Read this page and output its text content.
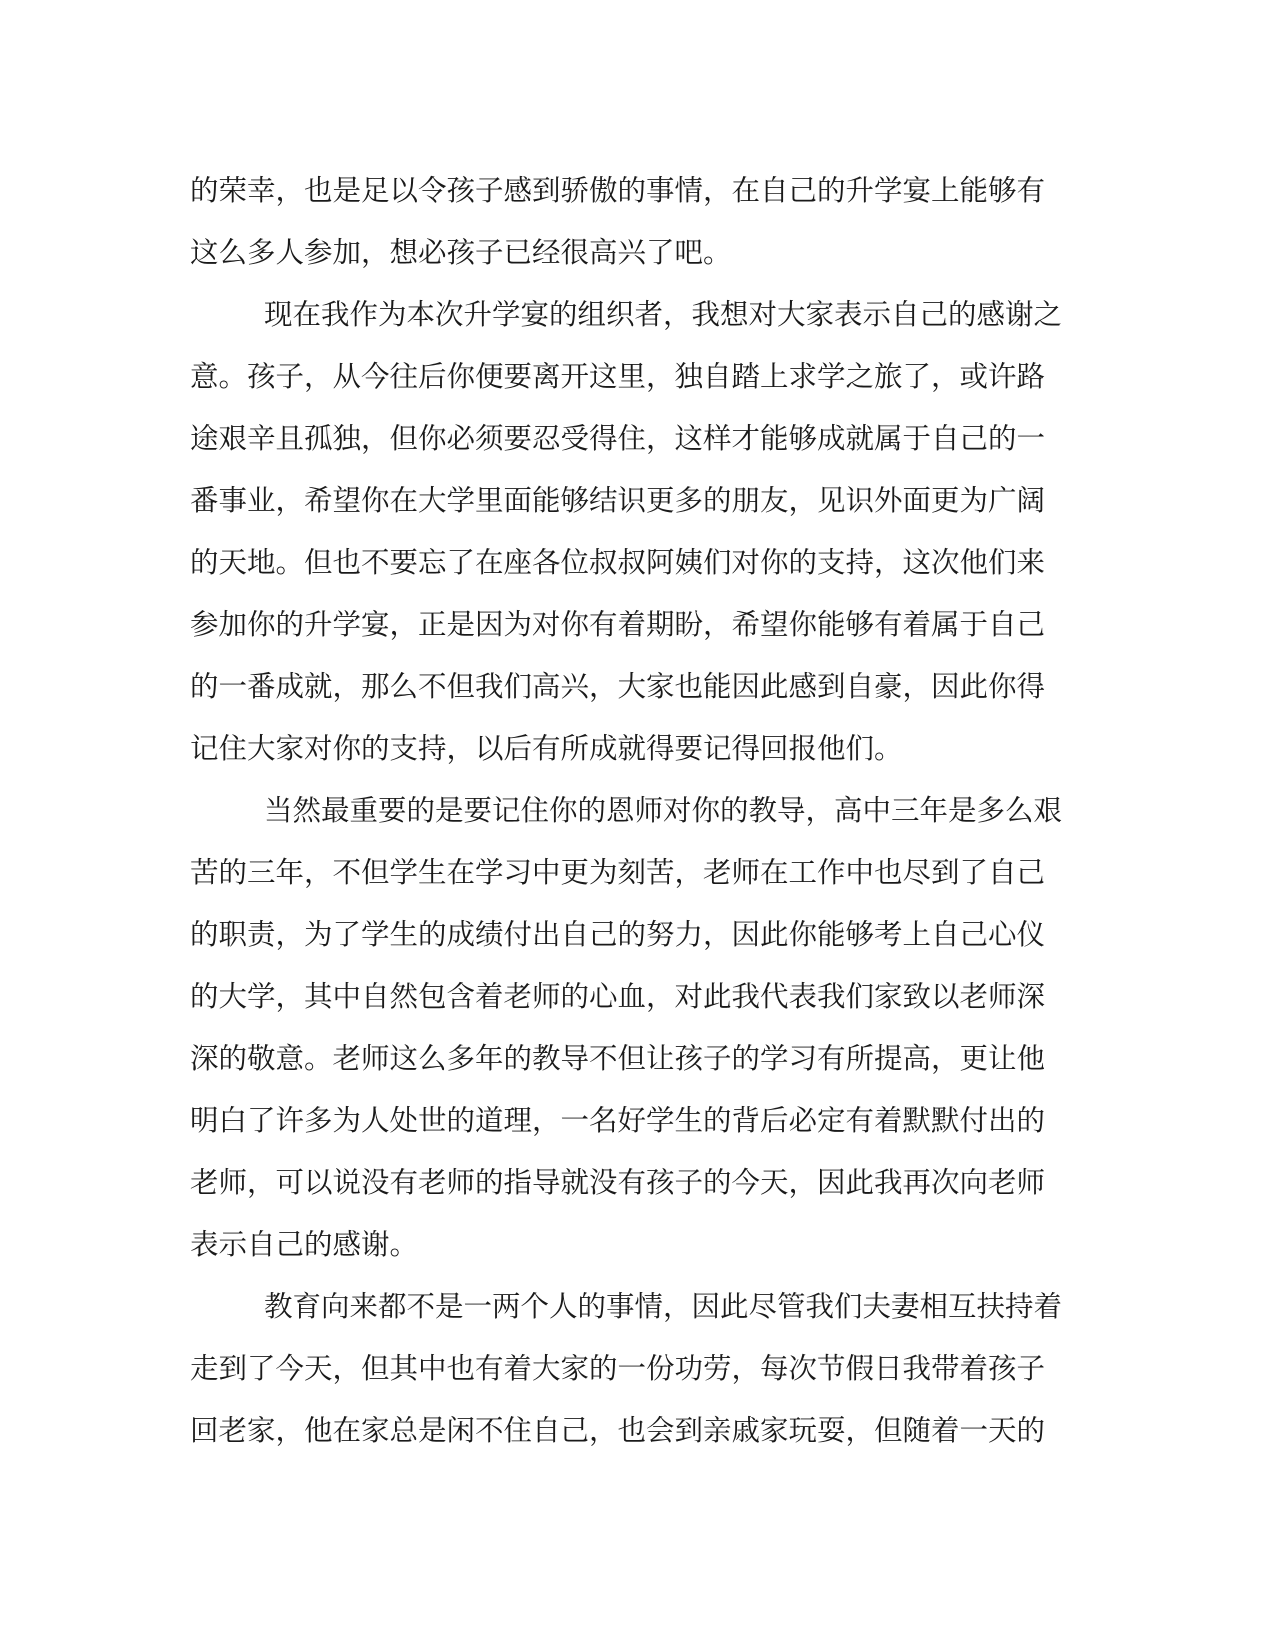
的荣幸，也是足以令孩子感到骄傲的事情，在自己的升学宴上能够有
这么多人参加，想必孩子已经很高兴了吧。
现在我作为本次升学宴的组织者，我想对大家表示自己的感谢之
意。孩子，从今往后你便要离开这里，独自踏上求学之旅了，或许路
途艰辛且孤独，但你必须要忍受得住，这样才能够成就属于自己的一
番事业，希望你在大学里面能够结识更多的朋友，见识外面更为广阔
的天地。但也不要忘了在座各位叔叔阿姨们对你的支持，这次他们来
参加你的升学宴，正是因为对你有着期盼，希望你能够有着属于自己
的一番成就，那么不但我们高兴，大家也能因此感到自豪，因此你得
记住大家对你的支持，以后有所成就得要记得回报他们。
当然最重要的是要记住你的恩师对你的教导，高中三年是多么艰
苦的三年，不但学生在学习中更为刻苦，老师在工作中也尽到了自己
的职责，为了学生的成绩付出自己的努力，因此你能够考上自己心仪
的大学，其中自然包含着老师的心血，对此我代表我们家致以老师深
深的敬意。老师这么多年的教导不但让孩子的学习有所提高，更让他
明白了许多为人处世的道理，一名好学生的背后必定有着默默付出的
老师，可以说没有老师的指导就没有孩子的今天，因此我再次向老师
表示自己的感谢。
教育向来都不是一两个人的事情，因此尽管我们夫妻相互扶持着
走到了今天，但其中也有着大家的一份功劳，每次节假日我带着孩子
回老家，他在家总是闲不住自己，也会到亲戚家玩耍，但随着一天的
